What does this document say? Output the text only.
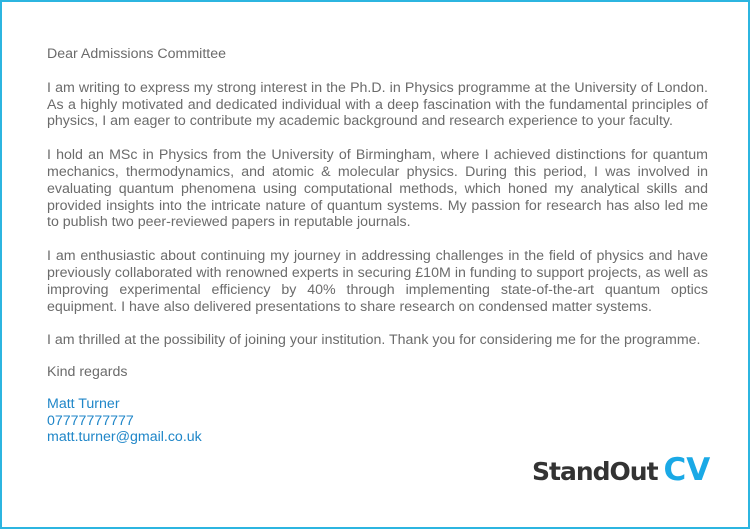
Dear Admissions Committee

I am writing to express my strong interest in the Ph.D. in Physics programme at the University of London. As a highly motivated and dedicated individual with a deep fascination with the fundamental principles of physics, I am eager to contribute my academic background and research experience to your faculty.

I hold an MSc in Physics from the University of Birmingham, where I achieved distinctions for quantum mechanics, thermodynamics, and atomic & molecular physics. During this period, I was involved in evaluating quantum phenomena using computational methods, which honed my analytical skills and provided insights into the intricate nature of quantum systems. My passion for research has also led me to publish two peer-reviewed papers in reputable journals.

I am enthusiastic about continuing my journey in addressing challenges in the field of physics and have previously collaborated with renowned experts in securing £10M in funding to support projects, as well as improving experimental efficiency by 40% through implementing state-of-the-art quantum optics equipment. I have also delivered presentations to share research on condensed matter systems.

I am thrilled at the possibility of joining your institution. Thank you for considering me for the programme.

Kind regards

Matt Turner
07777777777
matt.turner@gmail.co.uk
StandOut CV
